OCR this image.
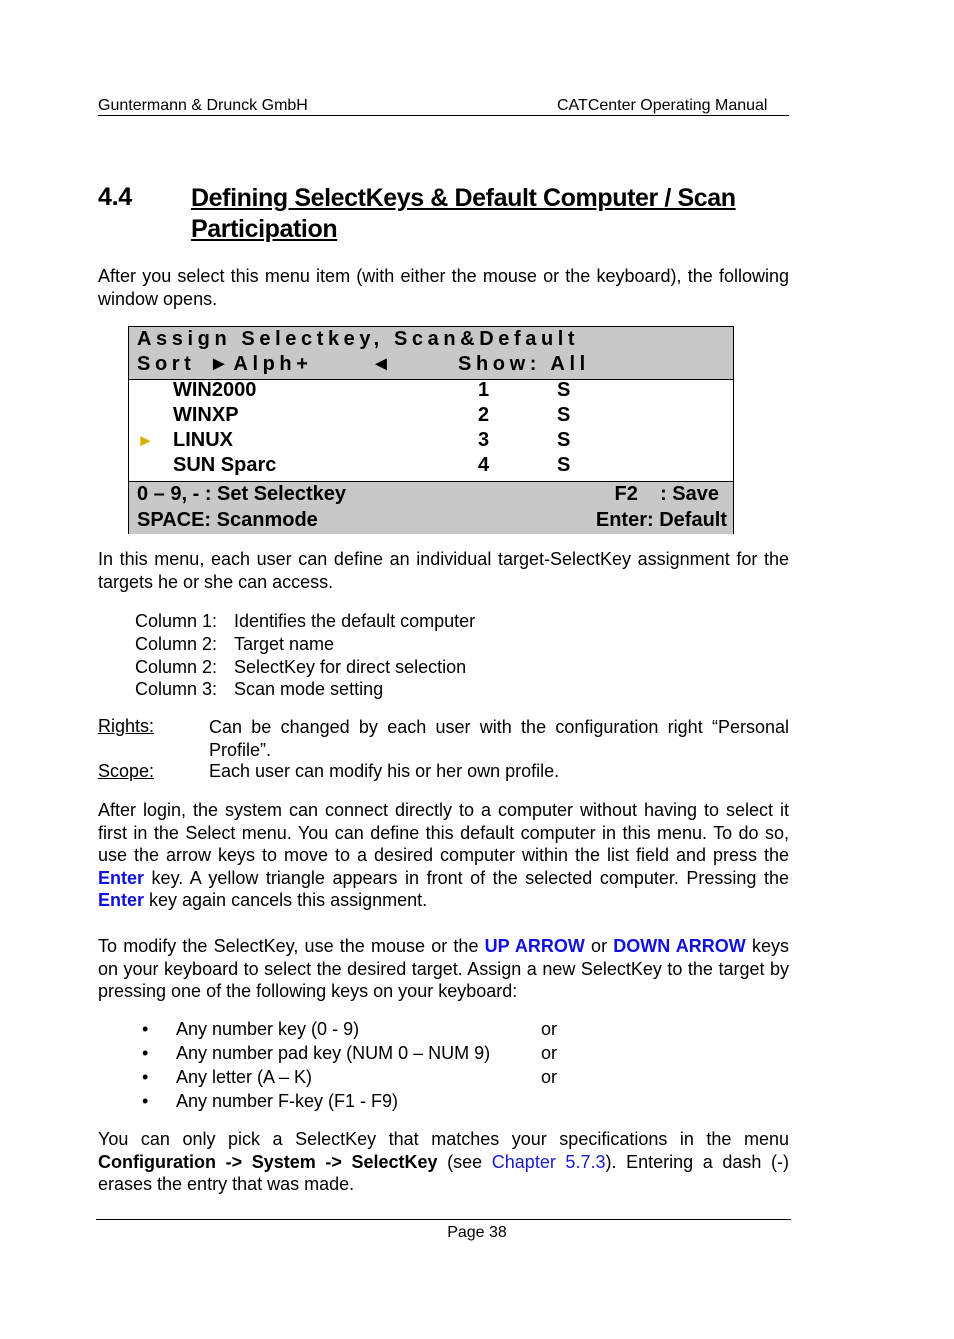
Guntermann & Drunck GmbH	CATCenter Operating Manual
4.4 Defining SelectKeys & Default Computer / Scan Participation
After you select this menu item (with either the mouse or the keyboard), the following window opens.
Assign Selectkey, Scan&Default
Sort ►Alph+	◄	Show: All
WIN2000	1	S
WINXP	2	S
► LINUX	3	S
SUN Sparc	4	S
0 – 9, - : Set Selectkey	F2    : Save
SPACE: Scanmode	Enter: Default
In this menu, each user can define an individual target-SelectKey assignment for the targets he or she can access.
Column 1: Identifies the default computer
Column 2: Target name
Column 2: SelectKey for direct selection
Column 3: Scan mode setting
Rights:	Can be changed by each user with the configuration right “Personal Profile”.
Scope:	Each user can modify his or her own profile.
After login, the system can connect directly to a computer without having to select it first in the Select menu. You can define this default computer in this menu. To do so, use the arrow keys to move to a desired computer within the list field and press the Enter key. A yellow triangle appears in front of the selected computer. Pressing the Enter key again cancels this assignment.
To modify the SelectKey, use the mouse or the UP ARROW or DOWN ARROW keys on your keyboard to select the desired target. Assign a new SelectKey to the target by pressing one of the following keys on your keyboard:
• Any number key (0 - 9)	or
• Any number pad key (NUM 0 – NUM 9)	or
• Any letter (A – K)	or
• Any number F-key (F1 - F9)
You can only pick a SelectKey that matches your specifications in the menu Configuration -> System -> SelectKey (see Chapter 5.7.3). Entering a dash (-) erases the entry that was made.
Page 38
